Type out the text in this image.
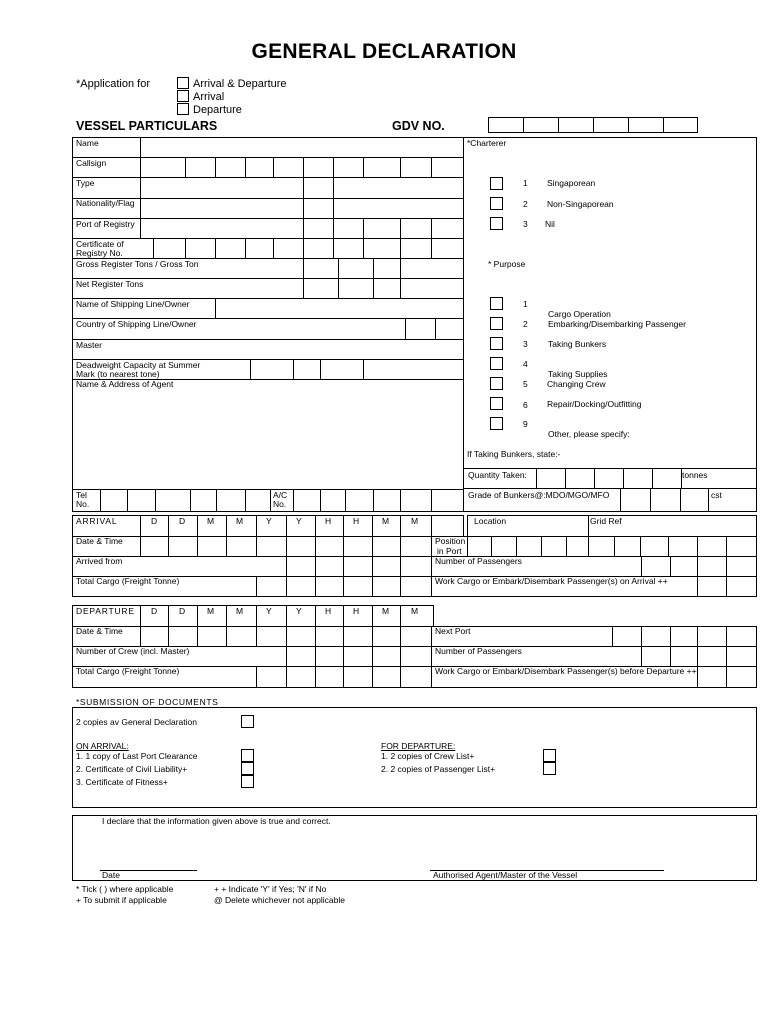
GENERAL DECLARATION
*Application for	Arrival & Departure
Arrival
Departure
VESSEL PARTICULARS	GDV NO.
Name
Callsign
Type
Nationality/Flag
Port of Registry
Certificate of
Registry No.
Gross Register Tons / Gross Ton
Net Register Tons
Name of Shipping Line/Owner
Country of Shipping Line/Owner
Master
Deadweight Capacity at Summer
Mark (to nearest tone)
Name & Address of Agent
Tel
No.
A/C
No.
*Charterer
1 Singaporean
2 Non-Singaporean
3 Nil
* Purpose
1
Cargo Operation
2 Embarking/Disembarking Passenger
3 Taking Bunkers
4
Taking Supplies
5 Changing Crew
6 Repair/Docking/Outfitting
9
Other, please specify:
If Taking Bunkers, state:-
Quantity Taken:	tonnes
Grade of Bunkers@:MDO/MGO/MFO	cst
ARRIVAL	D	D	M	M	Y	Y	H	H	M	M	Location	Grid Ref
Date & Time	Position
in Port
Arrived from	Number of Passengers
Total Cargo (Freight Tonne)	Work Cargo or Embark/Disembark Passenger(s) on Arrival ++
DEPARTURE D	D	M	M	Y	Y	H	H	M	M
Date & Time	Next Port
Number of Crew (incl. Master)	Number of Passengers
Total Cargo (Freight Tonne)	Work Cargo or Embark/Disembark Passenger(s) before Departure ++
*SUBMISSION OF DOCUMENTS
2 copies av General Declaration
ON ARRIVAL:
1. 1 copy of Last Port Clearance
2. Certificate of Civil Liability+
3. Certificate of Fitness+
FOR DEPARTURE:
1. 2 copies of Crew List+
2. 2 copies of Passenger List+
I declare that the information given above is true and correct.
Date	Authorised Agent/Master of the Vessel
* Tick ( ) where applicable
+ To submit if applicable
+ + Indicate 'Y' if Yes; 'N' if No
@ Delete whichever not applicable
